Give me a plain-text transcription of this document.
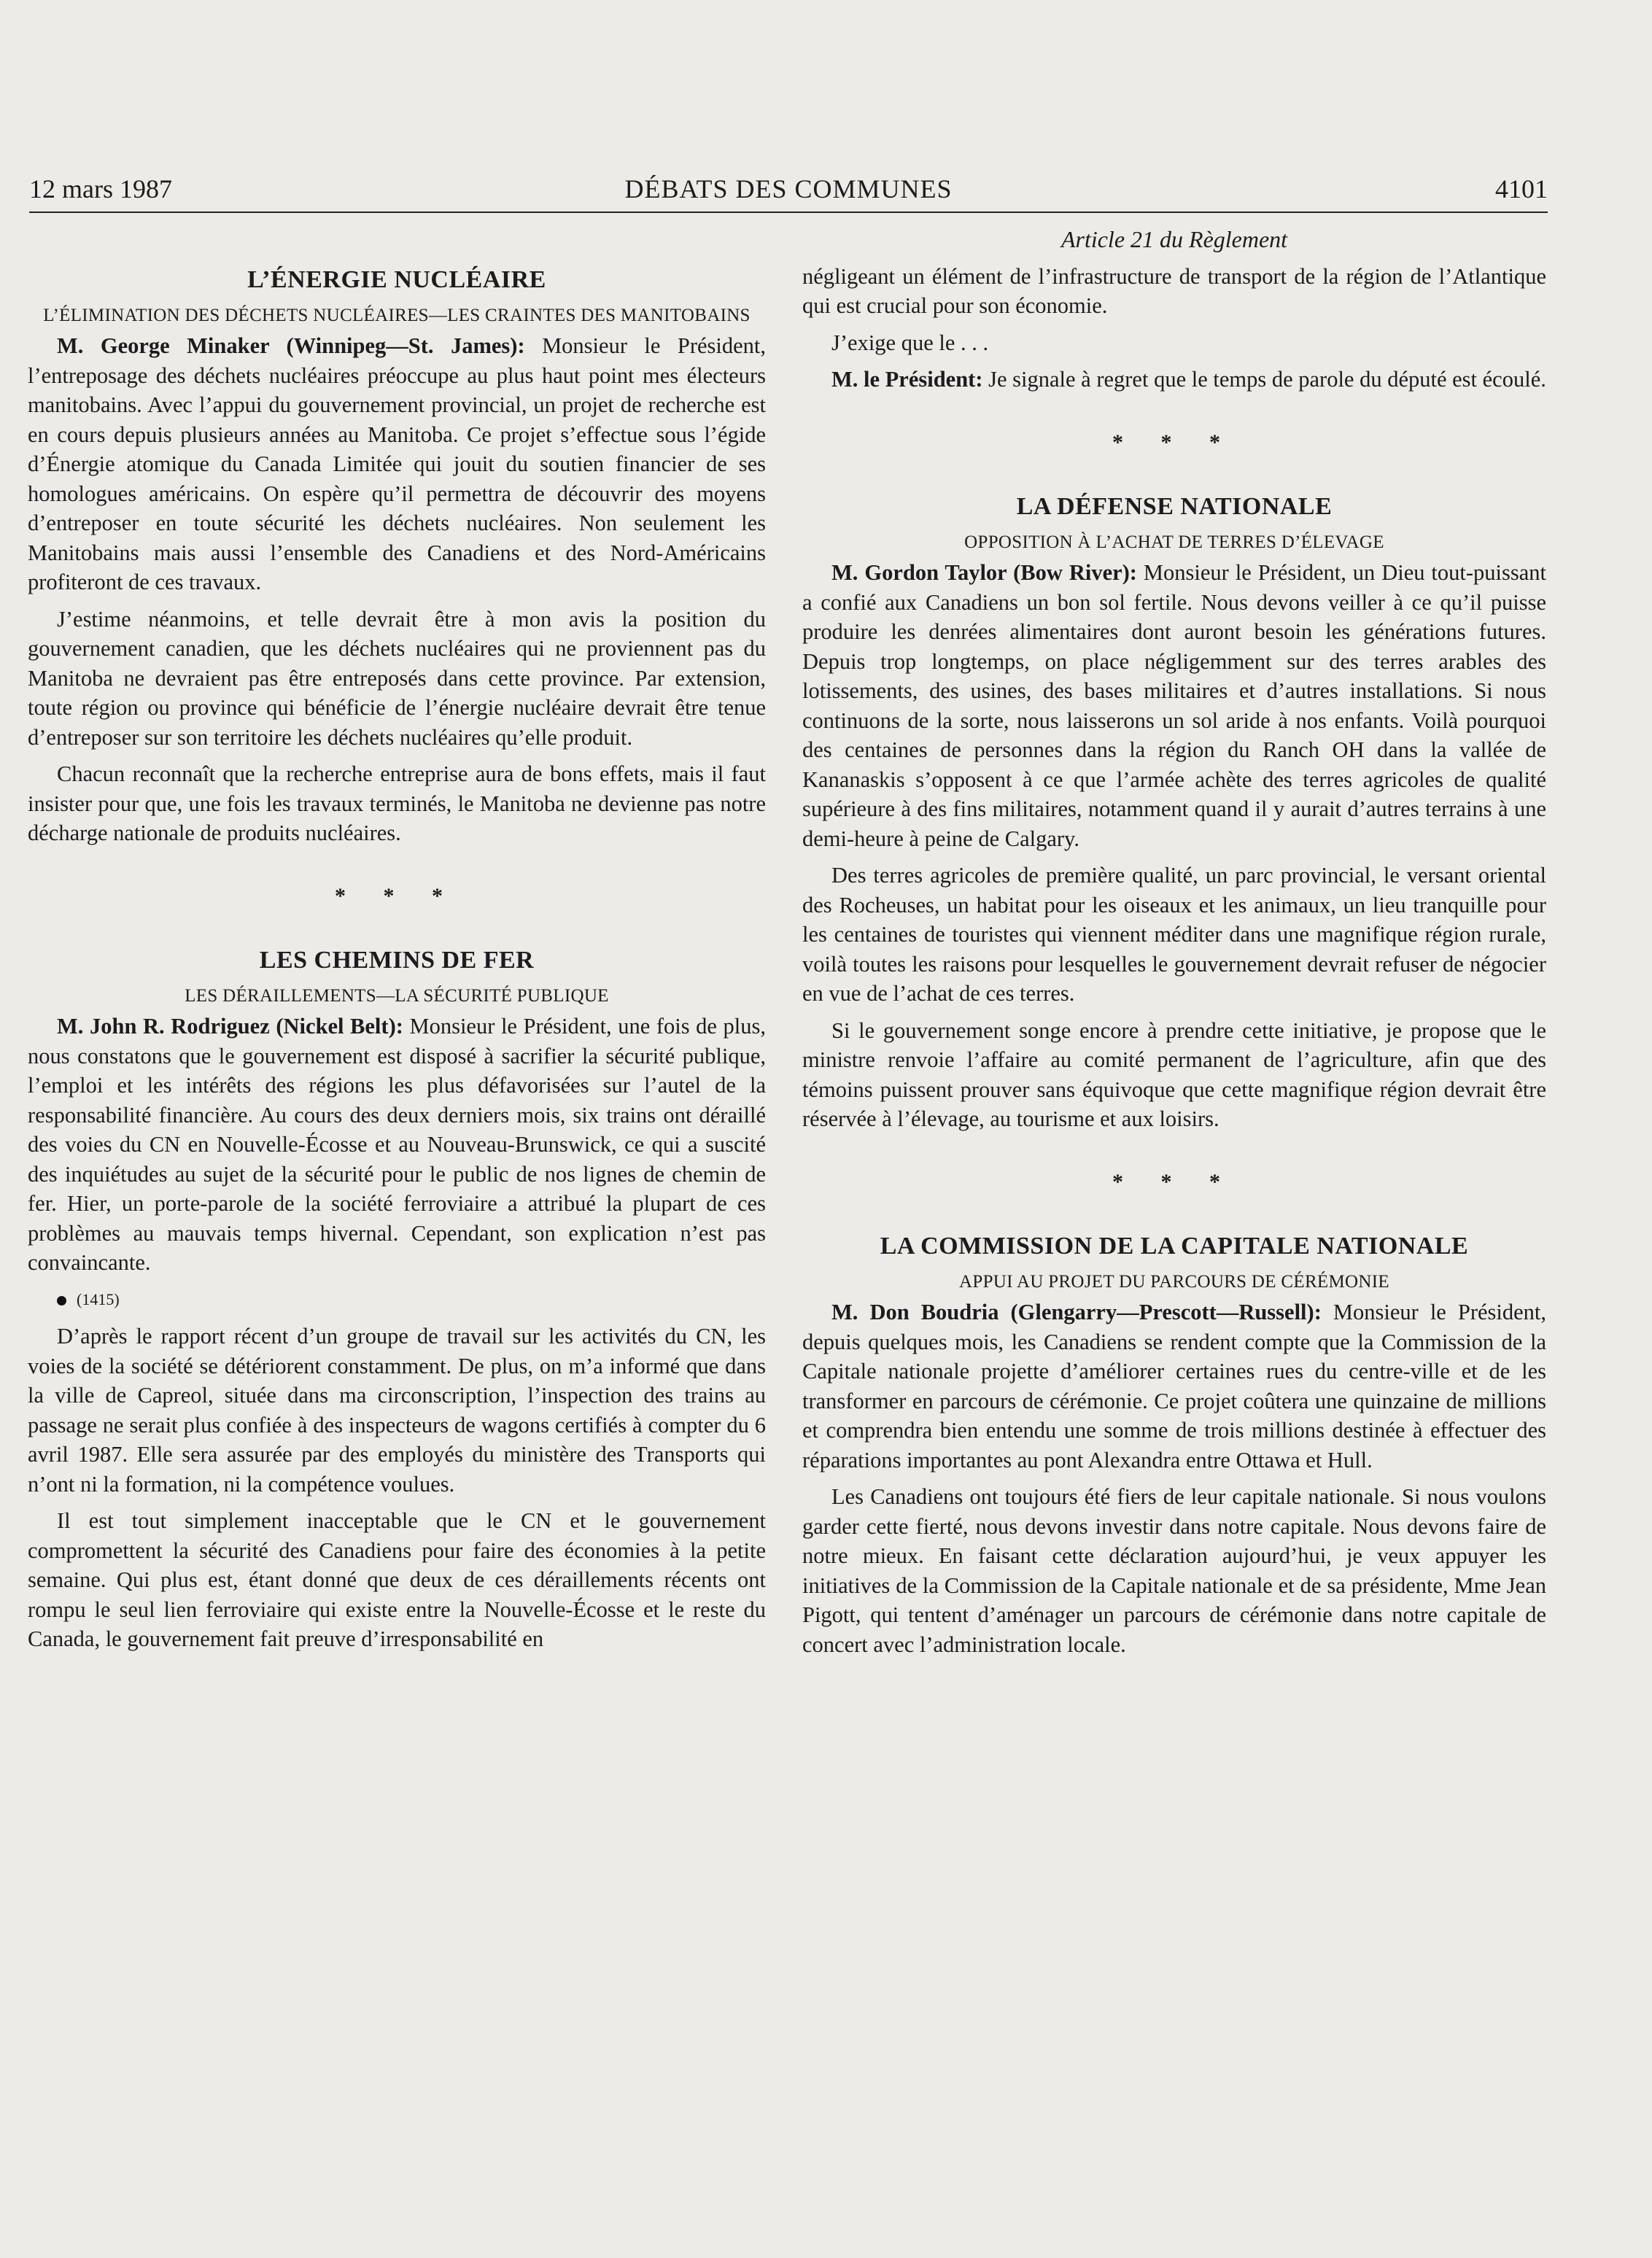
12 mars 1987	DÉBATS DES COMMUNES	4101
L’ÉNERGIE NUCLÉAIRE
L’ÉLIMINATION DES DÉCHETS NUCLÉAIRES—LES CRAINTES DES MANITOBAINS

M. George Minaker (Winnipeg—St. James): Monsieur le Président, l’entreposage des déchets nucléaires préoccupe au plus haut point mes électeurs manitobains. Avec l’appui du gouvernement provincial, un projet de recherche est en cours depuis plusieurs années au Manitoba. Ce projet s’effectue sous l’égide d’Énergie atomique du Canada Limitée qui jouit du soutien financier de ses homologues américains. On espère qu’il permettra de découvrir des moyens d’entreposer en toute sécurité les déchets nucléaires. Non seulement les Manitobains mais aussi l’ensemble des Canadiens et des Nord-Américains profiteront de ces travaux.

J’estime néanmoins, et telle devrait être à mon avis la position du gouvernement canadien, que les déchets nucléaires qui ne proviennent pas du Manitoba ne devraient pas être entreposés dans cette province. Par extension, toute région ou province qui bénéficie de l’énergie nucléaire devrait être tenue d’entreposer sur son territoire les déchets nucléaires qu’elle produit.

Chacun reconnaît que la recherche entreprise aura de bons effets, mais il faut insister pour que, une fois les travaux terminés, le Manitoba ne devienne pas notre décharge nationale de produits nucléaires.

* * *
LES CHEMINS DE FER
LES DÉRAILLEMENTS—LA SÉCURITÉ PUBLIQUE

M. John R. Rodriguez (Nickel Belt): Monsieur le Président, une fois de plus, nous constatons que le gouvernement est disposé à sacrifier la sécurité publique, l’emploi et les intérêts des régions les plus défavorisées sur l’autel de la responsabilité financière. Au cours des deux derniers mois, six trains ont déraillé des voies du CN en Nouvelle-Écosse et au Nouveau-Brunswick, ce qui a suscité des inquiétudes au sujet de la sécurité pour le public de nos lignes de chemin de fer. Hier, un porte-parole de la société ferroviaire a attribué la plupart de ces problèmes au mauvais temps hivernal. Cependant, son explication n’est pas convaincante.

(1415)

D’après le rapport récent d’un groupe de travail sur les activités du CN, les voies de la société se détériorent constamment. De plus, on m’a informé que dans la ville de Capreol, située dans ma circonscription, l’inspection des trains au passage ne serait plus confiée à des inspecteurs de wagons certifiés à compter du 6 avril 1987. Elle sera assurée par des employés du ministère des Transports qui n’ont ni la formation, ni la compétence voulues.

Il est tout simplement inacceptable que le CN et le gouvernement compromettent la sécurité des Canadiens pour faire des économies à la petite semaine. Qui plus est, étant donné que deux de ces déraillements récents ont rompu le seul lien ferroviaire qui existe entre la Nouvelle-Écosse et le reste du Canada, le gouvernement fait preuve d’irresponsabilité en

Article 21 du Règlement

négligeant un élément de l’infrastructure de transport de la région de l’Atlantique qui est crucial pour son économie.

J’exige que le . . .

M. le Président: Je signale à regret que le temps de parole du député est écoulé.

* * *
LA DÉFENSE NATIONALE
OPPOSITION À L’ACHAT DE TERRES D’ÉLEVAGE

M. Gordon Taylor (Bow River): Monsieur le Président, un Dieu tout-puissant a confié aux Canadiens un bon sol fertile. Nous devons veiller à ce qu’il puisse produire les denrées alimentaires dont auront besoin les générations futures. Depuis trop longtemps, on place négligemment sur des terres arables des lotissements, des usines, des bases militaires et d’autres installations. Si nous continuons de la sorte, nous laisserons un sol aride à nos enfants. Voilà pourquoi des centaines de personnes dans la région du Ranch OH dans la vallée de Kananaskis s’opposent à ce que l’armée achète des terres agricoles de qualité supérieure à des fins militaires, notamment quand il y aurait d’autres terrains à une demi-heure à peine de Calgary.

Des terres agricoles de première qualité, un parc provincial, le versant oriental des Rocheuses, un habitat pour les oiseaux et les animaux, un lieu tranquille pour les centaines de touristes qui viennent méditer dans une magnifique région rurale, voilà toutes les raisons pour lesquelles le gouvernement devrait refuser de négocier en vue de l’achat de ces terres.

Si le gouvernement songe encore à prendre cette initiative, je propose que le ministre renvoie l’affaire au comité permanent de l’agriculture, afin que des témoins puissent prouver sans équivoque que cette magnifique région devrait être réservée à l’élevage, au tourisme et aux loisirs.

* * *
LA COMMISSION DE LA CAPITALE NATIONALE
APPUI AU PROJET DU PARCOURS DE CÉRÉMONIE

M. Don Boudria (Glengarry—Prescott—Russell): Monsieur le Président, depuis quelques mois, les Canadiens se rendent compte que la Commission de la Capitale nationale projette d’améliorer certaines rues du centre-ville et de les transformer en parcours de cérémonie. Ce projet coûtera une quinzaine de millions et comprendra bien entendu une somme de trois millions destinée à effectuer des réparations importantes au pont Alexandra entre Ottawa et Hull.

Les Canadiens ont toujours été fiers de leur capitale nationale. Si nous voulons garder cette fierté, nous devons investir dans notre capitale. Nous devons faire de notre mieux. En faisant cette déclaration aujourd’hui, je veux appuyer les initiatives de la Commission de la Capitale nationale et de sa présidente, Mme Jean Pigott, qui tentent d’aménager un parcours de cérémonie dans notre capitale de concert avec l’administration locale.
